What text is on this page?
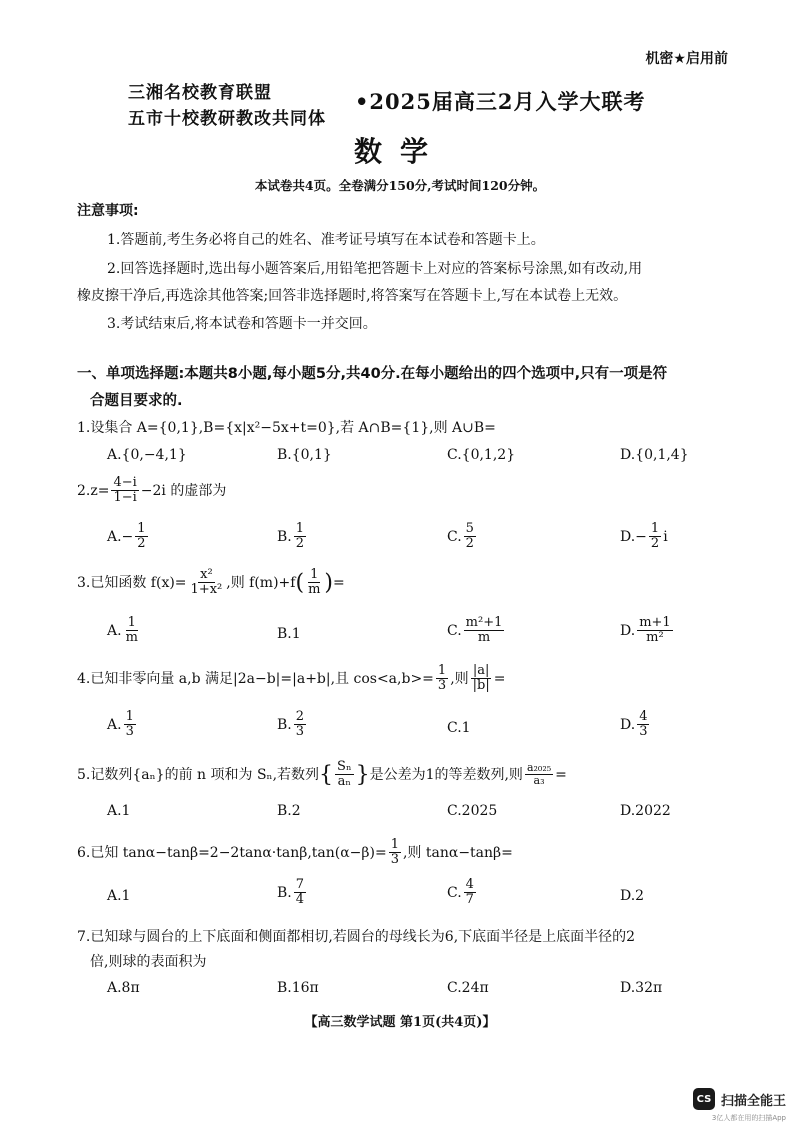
机密★启用前
三湘名校教育联盟
五市十校教研教改共同体
•2025届高三2月入学大联考
数学
本试卷共4页。全卷满分150分,考试时间120分钟。
注意事项:
1.答题前,考生务必将自己的姓名、准考证号填写在本试卷和答题卡上。
2.回答选择题时,选出每小题答案后,用铅笔把答题卡上对应的答案标号涂黑,如有改动,用
橡皮擦干净后,再选涂其他答案;回答非选择题时,将答案写在答题卡上,写在本试卷上无效。
3.考试结束后,将本试卷和答题卡一并交回。
一、单项选择题:本题共8小题,每小题5分,共40分.在每小题给出的四个选项中,只有一项是符
合题目要求的.
1.设集合 A={0,1},B={x|x²−5x+t=0},若 A∩B={1},则 A∪B=
A.{0,−4,1}	B.{0,1}	C.{0,1,2}	D.{0,1,4}
$2.z= \frac{4-i}{1-i} -2i$ 的虚部为
$A.- \frac{1}{2}$	B. $\frac{1}{2}$	C. $\frac{5}{2}$	$D.- \frac{1}{2}$ i
3.已知函数 $f(x)= \frac{\text{x²}}{\text{1+x²}}$ ,则 $f(m)+f( \frac{1}{m}$ )=
A. $\frac{1}{m}$	B.1	C. $\frac{\text{m²+1}}{m}$	D. $\frac{m+1}{\text{m²}}$
4.已知非零向量 a,b 满足|2a−b|=|a+b|,且 $\cos<a,b>= \frac{1}{3}$ ,则 $\frac{|a|}{|b|}$ =
A. $\frac{1}{3}$	B. $\frac{2}{3}$	C.1	D. $\frac{4}{3}$
5.记数列{aₙ}的前 n 项和为 Sₙ,若数列{ $\frac{\text{Sₙ}}{\text{aₙ}}$ }是公差为1的等差数列,则 $\frac{\text{a₂₀₂₅}}{\text{a₃}}$ =
A.1	B.2	C.2025	D.2022
6.已知 $\tan\alpha-\tan\beta=2-2\tan\alpha\cdot\tan\beta,\tan(\alpha-\beta)= \frac{1}{3}$ ,则 tanα−tanβ=
A.1	B. $\frac{7}{4}$	C. $\frac{4}{7}$	D.2
7.已知球与圆台的上下底面和侧面都相切,若圆台的母线长为6,下底面半径是上底面半径的2
倍,则球的表面积为
A.8π	B.16π	C.24π	D.32π
【高三数学试题 第1页(共4页)】
CS 扫描全能王
3亿人都在用的扫描App
